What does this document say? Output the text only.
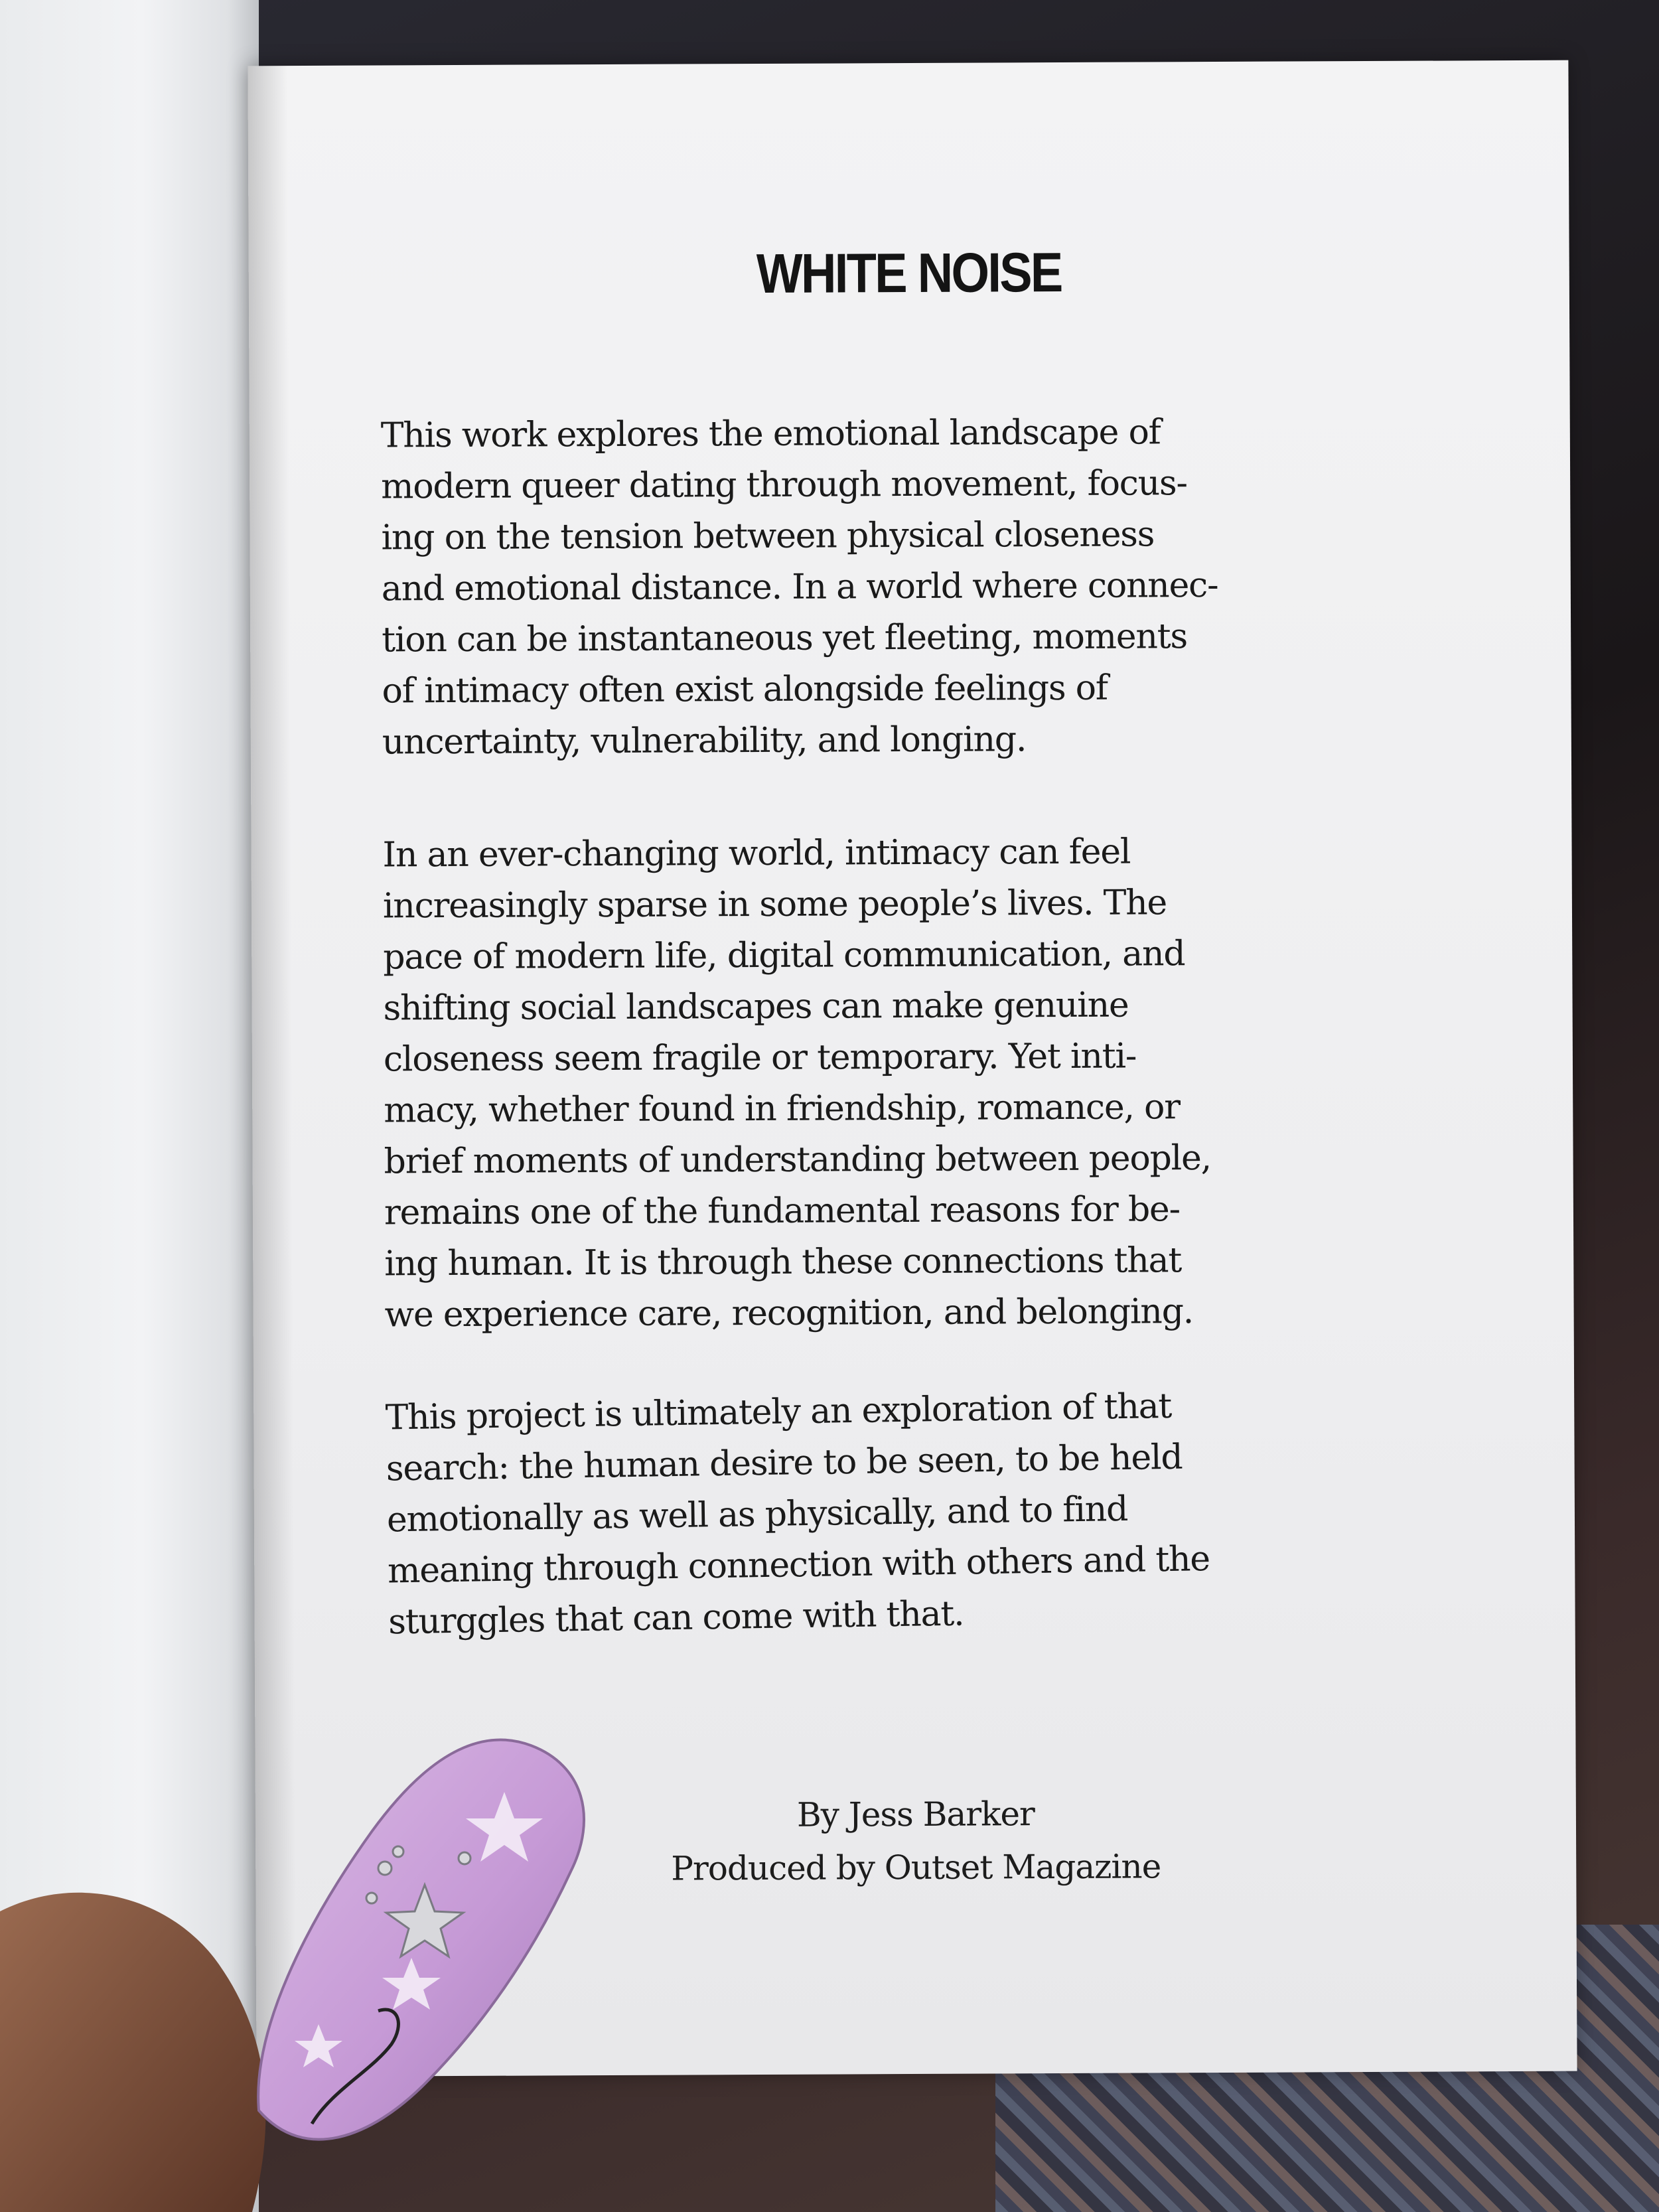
WHITE NOISE
This work explores the emotional landscape of
modern queer dating through movement, focus-
ing on the tension between physical closeness
and emotional distance. In a world where connec-
tion can be instantaneous yet fleeting, moments
of intimacy often exist alongside feelings of
uncertainty, vulnerability, and longing.
In an ever-changing world, intimacy can feel
increasingly sparse in some people’s lives. The
pace of modern life, digital communication, and
shifting social landscapes can make genuine
closeness seem fragile or temporary. Yet inti-
macy, whether found in friendship, romance, or
brief moments of understanding between people,
remains one of the fundamental reasons for be-
ing human. It is through these connections that
we experience care, recognition, and belonging.
This project is ultimately an exploration of that
search: the human desire to be seen, to be held
emotionally as well as physically, and to find
meaning through connection with others and the
sturggles that can come with that.
By Jess Barker
Produced by Outset Magazine
